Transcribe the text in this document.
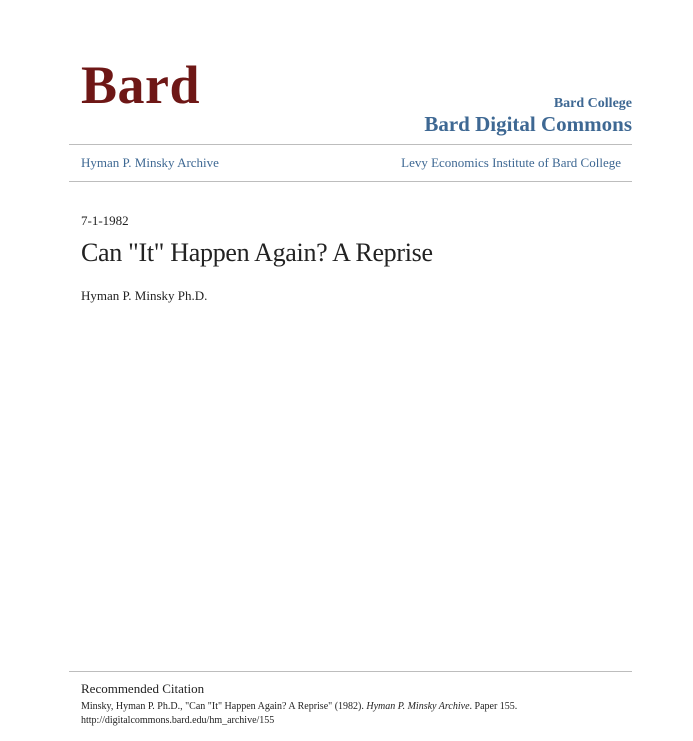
Bard	Bard College
Bard Digital Commons
Hyman P. Minsky Archive	Levy Economics Institute of Bard College
7-1-1982
Can "It" Happen Again? A Reprise
Hyman P. Minsky Ph.D.
Recommended Citation
Minsky, Hyman P. Ph.D., "Can "It" Happen Again? A Reprise" (1982). Hyman P. Minsky Archive. Paper 155.
http://digitalcommons.bard.edu/hm_archive/155
